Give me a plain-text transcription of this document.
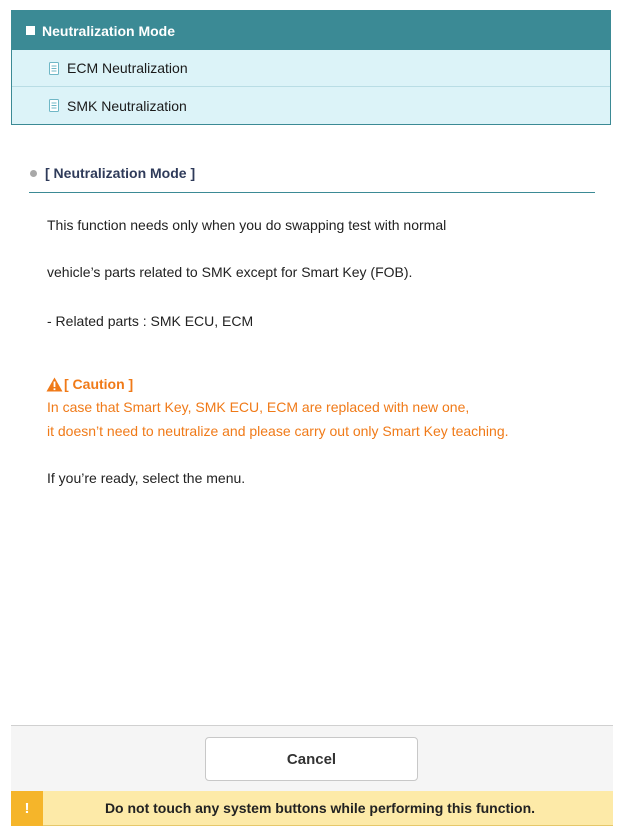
Neutralization Mode
ECM Neutralization
SMK Neutralization
[ Neutralization Mode ]
This function needs only when you do swapping test with normal
vehicle’s parts related to SMK except for Smart Key (FOB).
- Related parts : SMK ECU, ECM
[ Caution ]
In case that Smart Key, SMK ECU, ECM are replaced with new one,
it doesn’t need to neutralize and please carry out only Smart Key teaching.
If you’re ready, select the menu.
Cancel
!	Do not touch any system buttons while performing this function.
